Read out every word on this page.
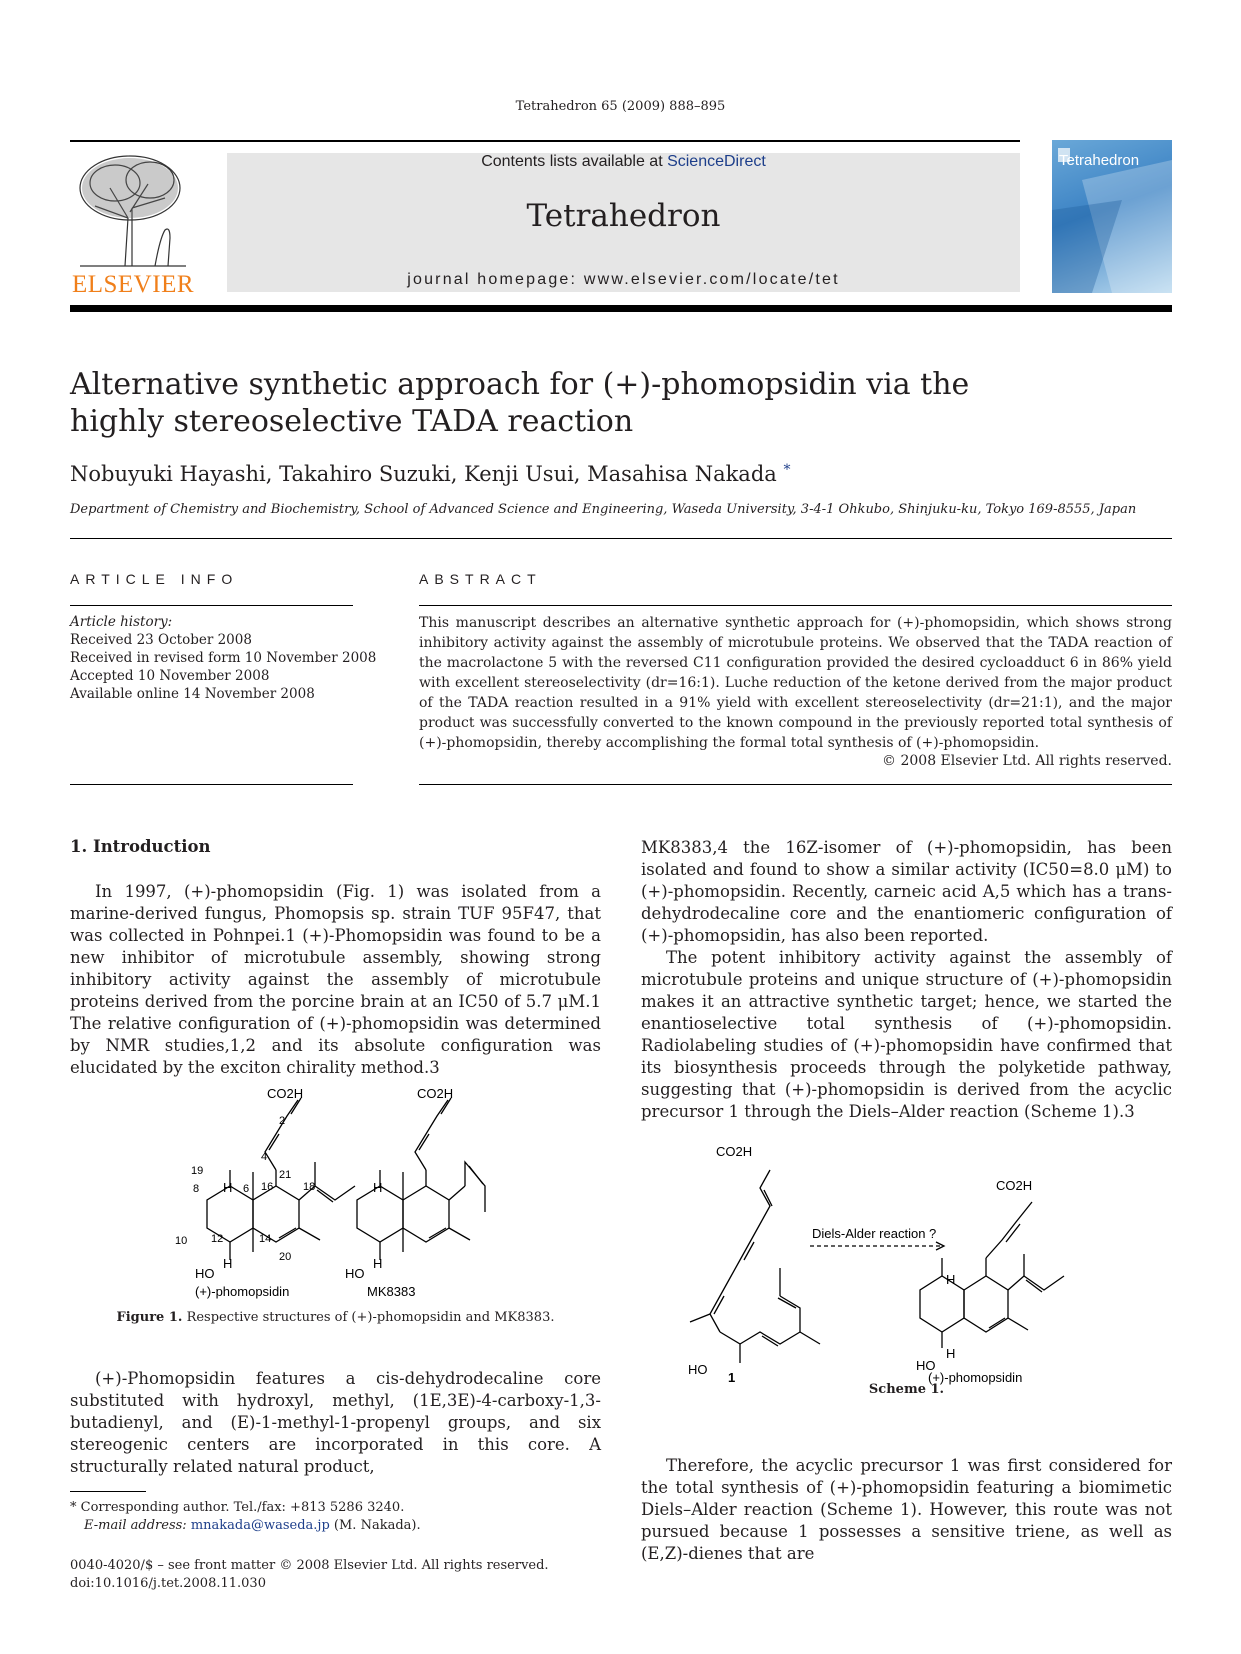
Tetrahedron 65 (2009) 888–895
ELSEVIER
Contents lists available at ScienceDirect
Tetrahedron
journal homepage: www.elsevier.com/locate/tet
Tetrahedron
Alternative synthetic approach for (+)-phomopsidin via the highly stereoselective TADA reaction
Nobuyuki Hayashi, Takahiro Suzuki, Kenji Usui, Masahisa Nakada *
Department of Chemistry and Biochemistry, School of Advanced Science and Engineering, Waseda University, 3-4-1 Ohkubo, Shinjuku-ku, Tokyo 169-8555, Japan
ARTICLE INFO
Article history:
Received 23 October 2008
Received in revised form 10 November 2008
Accepted 10 November 2008
Available online 14 November 2008
ABSTRACT
This manuscript describes an alternative synthetic approach for (+)-phomopsidin, which shows strong inhibitory activity against the assembly of microtubule proteins. We observed that the TADA reaction of the macrolactone 5 with the reversed C11 configuration provided the desired cycloadduct 6 in 86% yield with excellent stereoselectivity (dr=16:1). Luche reduction of the ketone derived from the major product of the TADA reaction resulted in a 91% yield with excellent stereoselectivity (dr=21:1), and the major product was successfully converted to the known compound in the previously reported total synthesis of (+)-phomopsidin, thereby accomplishing the formal total synthesis of (+)-phomopsidin.
© 2008 Elsevier Ltd. All rights reserved.
1. Introduction
In 1997, (+)-phomopsidin (Fig. 1) was isolated from a marine-derived fungus, Phomopsis sp. strain TUF 95F47, that was collected in Pohnpei.1 (+)-Phomopsidin was found to be a new inhibitor of microtubule assembly, showing strong inhibitory activity against the assembly of microtubule proteins derived from the porcine brain at an IC50 of 5.7 μM.1 The relative configuration of (+)-phomopsidin was determined by NMR studies,1,2 and its absolute configuration was elucidated by the exciton chirality method.3
CO2H	CO2H
HO	HO
H
H
H
H
2
4
6
8
10 12	14
16	18
19
20
21
(+)-phomopsidin	MK8383
Figure 1. Respective structures of (+)-phomopsidin and MK8383.
(+)-Phomopsidin features a cis-dehydrodecaline core substituted with hydroxyl, methyl, (1E,3E)-4-carboxy-1,3-butadienyl, and (E)-1-methyl-1-propenyl groups, and six stereogenic centers are incorporated in this core. A structurally related natural product,
MK8383,4 the 16Z-isomer of (+)-phomopsidin, has been isolated and found to show a similar activity (IC50=8.0 μM) to (+)-phomopsidin. Recently, carneic acid A,5 which has a trans-dehydrodecaline core and the enantiomeric configuration of (+)-phomopsidin, has also been reported.
The potent inhibitory activity against the assembly of microtubule proteins and unique structure of (+)-phomopsidin makes it an attractive synthetic target; hence, we started the enantioselective total synthesis of (+)-phomopsidin. Radiolabeling studies of (+)-phomopsidin have confirmed that its biosynthesis proceeds through the polyketide pathway, suggesting that (+)-phomopsidin is derived from the acyclic precursor 1 through the Diels–Alder reaction (Scheme 1).3
CO2H
CO2H
HO	HO
H
H
Diels-Alder reaction ?
1	(+)-phomopsidin
Scheme 1.
Therefore, the acyclic precursor 1 was first considered for the total synthesis of (+)-phomopsidin featuring a biomimetic Diels–Alder reaction (Scheme 1). However, this route was not pursued because 1 possesses a sensitive triene, as well as (E,Z)-dienes that are
* Corresponding author. Tel./fax: +813 5286 3240.
E-mail address: mnakada@waseda.jp (M. Nakada).
0040-4020/$ – see front matter © 2008 Elsevier Ltd. All rights reserved.
doi:10.1016/j.tet.2008.11.030
